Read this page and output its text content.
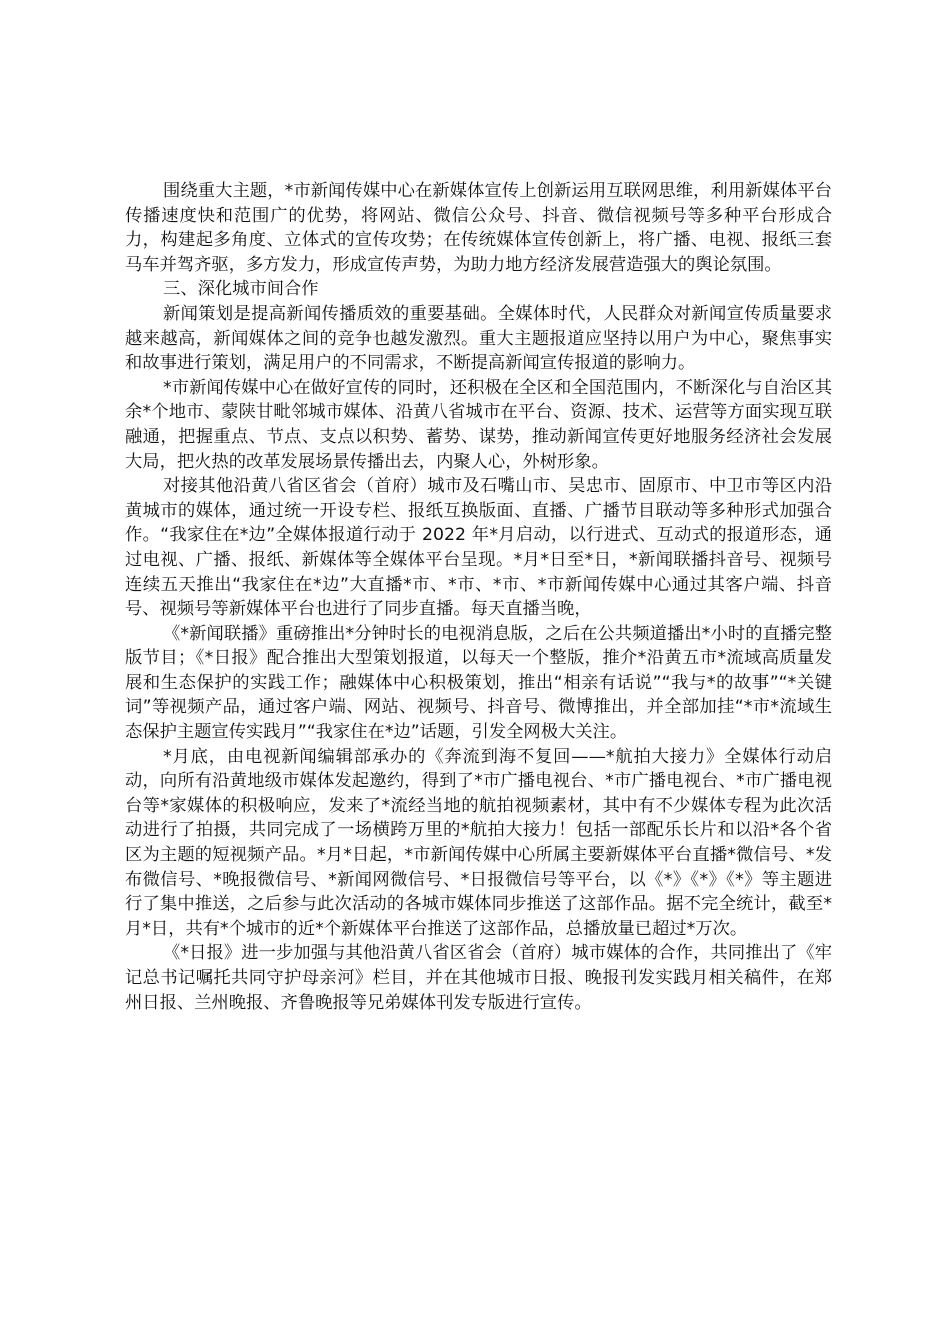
围绕重大主题，*市新闻传媒中心在新媒体宣传上创新运用互联网思维，利用新媒体平台传播速度快和范围广的优势，将网站、微信公众号、抖音、微信视频号等多种平台形成合力，构建起多角度、立体式的宣传攻势；在传统媒体宣传创新上，将广播、电视、报纸三套马车并驾齐驱，多方发力，形成宣传声势，为助力地方经济发展营造强大的舆论氛围。

三、深化城市间合作

新闻策划是提高新闻传播质效的重要基础。全媒体时代，人民群众对新闻宣传质量要求越来越高，新闻媒体之间的竞争也越发激烈。重大主题报道应坚持以用户为中心，聚焦事实和故事进行策划，满足用户的不同需求，不断提高新闻宣传报道的影响力。

*市新闻传媒中心在做好宣传的同时，还积极在全区和全国范围内，不断深化与自治区其余*个地市、蒙陕甘毗邻城市媒体、沿黄八省城市在平台、资源、技术、运营等方面实现互联融通，把握重点、节点、支点以积势、蓄势、谋势，推动新闻宣传更好地服务经济社会发展大局，把火热的改革发展场景传播出去，内聚人心，外树形象。

对接其他沿黄八省区省会（首府）城市及石嘴山市、吴忠市、固原市、中卫市等区内沿黄城市的媒体，通过统一开设专栏、报纸互换版面、直播、广播节目联动等多种形式加强合作。“我家住在*边”全媒体报道行动于 2022 年*月启动，以行进式、互动式的报道形态，通过电视、广播、报纸、新媒体等全媒体平台呈现。*月*日至*日，*新闻联播抖音号、视频号连续五天推出“我家住在*边”大直播*市、*市、*市、*市新闻传媒中心通过其客户端、抖音号、视频号等新媒体平台也进行了同步直播。每天直播当晚，

《*新闻联播》重磅推出*分钟时长的电视消息版，之后在公共频道播出*小时的直播完整版节目；《*日报》配合推出大型策划报道，以每天一个整版，推介*沿黄五市*流域高质量发展和生态保护的实践工作；融媒体中心积极策划，推出“相亲有话说”“我与*的故事”“*关键词”等视频产品，通过客户端、网站、视频号、抖音号、微博推出，并全部加挂“*市*流域生态保护主题宣传实践月”“我家住在*边”话题，引发全网极大关注。

*月底，由电视新闻编辑部承办的《奔流到海不复回——*航拍大接力》全媒体行动启动，向所有沿黄地级市媒体发起邀约，得到了*市广播电视台、*市广播电视台、*市广播电视台等*家媒体的积极响应，发来了*流经当地的航拍视频素材，其中有不少媒体专程为此次活动进行了拍摄，共同完成了一场横跨万里的*航拍大接力！包括一部配乐长片和以沿*各个省区为主题的短视频产品。*月*日起，*市新闻传媒中心所属主要新媒体平台直播*微信号、*发布微信号、*晚报微信号、*新闻网微信号、*日报微信号等平台，以《*》《*》《*》等主题进行了集中推送，之后参与此次活动的各城市媒体同步推送了这部作品。据不完全统计，截至*月*日，共有*个城市的近*个新媒体平台推送了这部作品，总播放量已超过*万次。

《*日报》进一步加强与其他沿黄八省区省会（首府）城市媒体的合作，共同推出了《牢记总书记嘱托共同守护母亲河》栏目，并在其他城市日报、晚报刊发实践月相关稿件，在郑州日报、兰州晚报、齐鲁晚报等兄弟媒体刊发专版进行宣传。
